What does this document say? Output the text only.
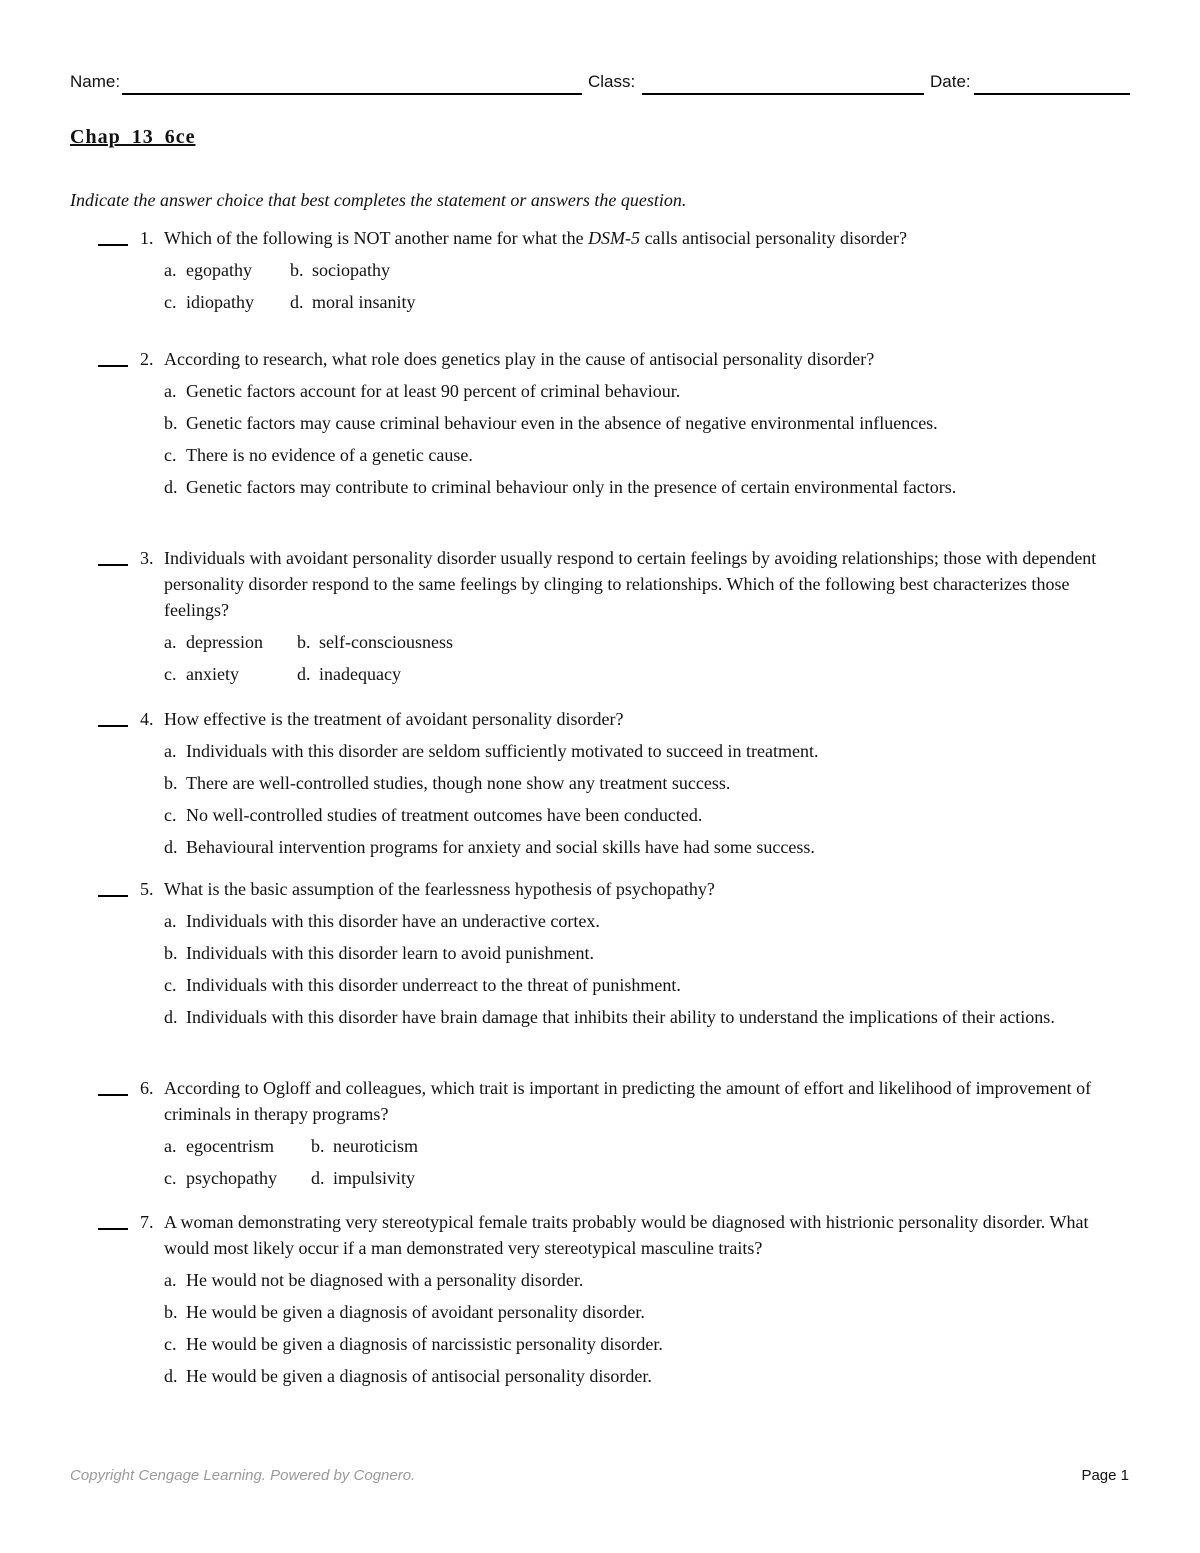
Name:	Class:	Date:
Chap_13_6ce
Indicate the answer choice that best completes the statement or answers the question.
1. Which of the following is NOT another name for what the DSM-5 calls antisocial personality disorder?
a. egopathy b. sociopathy
c. idiopathy d. moral insanity
2. According to research, what role does genetics play in the cause of antisocial personality disorder?
a. Genetic factors account for at least 90 percent of criminal behaviour.
b. Genetic factors may cause criminal behaviour even in the absence of negative environmental influences.
c. There is no evidence of a genetic cause.
d. Genetic factors may contribute to criminal behaviour only in the presence of certain environmental factors.
3. Individuals with avoidant personality disorder usually respond to certain feelings by avoiding relationships; those with dependent personality disorder respond to the same feelings by clinging to relationships. Which of the following best characterizes those feelings?
a. depression b. self-consciousness
c. anxiety	d. inadequacy
4. How effective is the treatment of avoidant personality disorder?
a. Individuals with this disorder are seldom sufficiently motivated to succeed in treatment.
b. There are well-controlled studies, though none show any treatment success.
c. No well-controlled studies of treatment outcomes have been conducted.
d. Behavioural intervention programs for anxiety and social skills have had some success.
5. What is the basic assumption of the fearlessness hypothesis of psychopathy?
a. Individuals with this disorder have an underactive cortex.
b. Individuals with this disorder learn to avoid punishment.
c. Individuals with this disorder underreact to the threat of punishment.
d. Individuals with this disorder have brain damage that inhibits their ability to understand the implications of their actions.
6. According to Ogloff and colleagues, which trait is important in predicting the amount of effort and likelihood of improvement of criminals in therapy programs?
a. egocentrism b. neuroticism
c. psychopathy d. impulsivity
7. A woman demonstrating very stereotypical female traits probably would be diagnosed with histrionic personality disorder. What would most likely occur if a man demonstrated very stereotypical masculine traits?
a. He would not be diagnosed with a personality disorder.
b. He would be given a diagnosis of avoidant personality disorder.
c. He would be given a diagnosis of narcissistic personality disorder.
d. He would be given a diagnosis of antisocial personality disorder.
Copyright Cengage Learning. Powered by Cognero.	Page 1
